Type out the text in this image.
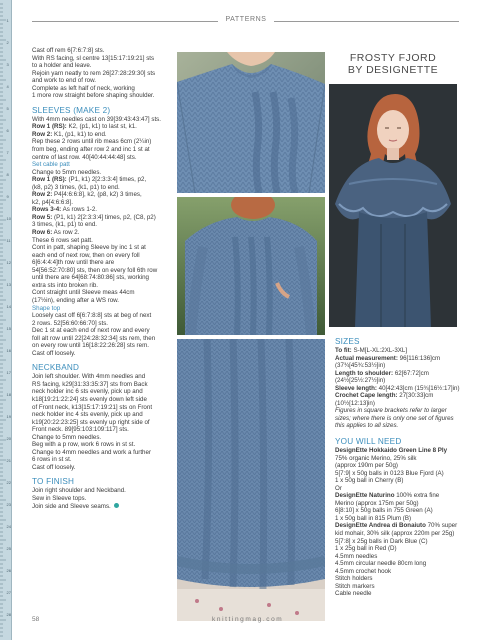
1
2
3
4
5
6
7
8
9
10
11
12
13
14
15
16
17
18
19
20
21
22
23
24
25
26
27
28
PATTERNS

Cast off rem 6[7:6:7:8] sts.

With RS facing, sl centre 13[15:17:19:21] sts

to a holder and leave.

Rejoin yarn neatly to rem 26[27:28:29:30] sts

and work to end of row.

Complete as left half of neck, working

1 more row straight before shaping shoulder.

SLEEVES (MAKE 2)

With 4mm needles cast on 39[39:43:43:47] sts.

Row 1 (RS): K2, (p1, k1) to last st, k1.

Row 2: K1, (p1, k1) to end.

Rep these 2 rows until rib meas 6cm (2¼in)

from beg, ending after row 2 and inc 1 st at

centre of last row. 40[40:44:44:48] sts.

Set cable patt

Change to 5mm needles.

Row 1 (RS): (P1, k1) 2[2:3:3:4] times, p2,

(k8, p2) 3 times, (k1, p1) to end.

Row 2: P4[4:6:6:8], k2, (p8, k2) 3 times,

k2, p4[4:6:6:8].

Rows 3-4: As rows 1-2.

Row 5: (P1, k1) 2[2:3:3:4] times, p2, (C8, p2)

3 times, (k1, p1) to end.

Row 6: As row 2.

These 6 rows set patt.

Cont in patt, shaping Sleeve by inc 1 st at

each end of next row, then on every foll

6[6:4:4:4]th row until there are

54[56:52:70:80] sts, then on every foll 6th row

until there are 64[68:74:80:86] sts, working

extra sts into broken rib.

Cont straight until Sleeve meas 44cm

(17½in), ending after a WS row.

Shape top

Loosely cast off 6[6:7:8:8] sts at beg of next

2 rows. 52[56:60:66:70] sts.

Dec 1 st at each end of next row and every

foll alt row until 22[24:28:32:34] sts rem, then

on every row until 16[18:22:26:28] sts rem.

Cast off loosely.

NECKBAND

Join left shoulder. With 4mm needles and

RS facing, k29[31:33:35:37] sts from Back

neck holder inc 6 sts evenly, pick up and

k18[19:21:22:24] sts evenly down left side

of Front neck, k13[15:17:19:21] sts on Front

neck holder inc 4 sts evenly, pick up and

k19[20:22:23:25] sts evenly up right side of

Front neck. 89[95:103:109:117] sts.

Change to 5mm needles.

Beg with a p row, work 6 rows in st st.

Change to 4mm needles and work a further

6 rows in st st.

Cast off loosely.

TO FINISH

Join right shoulder and Neckband.

Sew in Sleeve tops.

Join side and Sleeve seams.

FROSTY FJORD
BY DESIGNETTE
SIZES

To fit: S-M[L-XL:2XL-3XL]

Actual measurement: 96[116:136]cm

(37¾[45¾:53½]in)

Length to shoulder: 62[67:72]cm

(24½[25½:27½]in)

Sleeve length: 40[42:43]cm (15¾[16½:17]in)

Crochet Cape length: 27[30:33]cm

(10½[12:13]in)

Figures in square brackets refer to larger

sizes; where there is only one set of figures

this applies to all sizes.

YOU WILL NEED

DesignEtte Hokkaido Green Line 8 Ply

75% organic Merino, 25% silk

(approx 190m per 50g)

5[7:9] x 50g balls in 0123 Blue Fjord (A)

1 x 50g ball in Cherry (B)

Or

DesignEtte Naturino 100% extra fine

Merino (approx 175m per 50g)

6[8:10] x 50g balls in 755 Green (A)

1 x 50g ball in 815 Plum (B)

DesignEtte Andrea di Bonaiuto 70% super

kid mohair, 30% silk (approx 220m per 25g)

5[7:8] x 25g balls in Dark Blue (C)

1 x 25g ball in Red (D)

4.5mm needles

4.5mm circular needle 80cm long

4.5mm crochet hook

Stitch holders

Stitch markers

Cable needle

58	knittingmag.com
